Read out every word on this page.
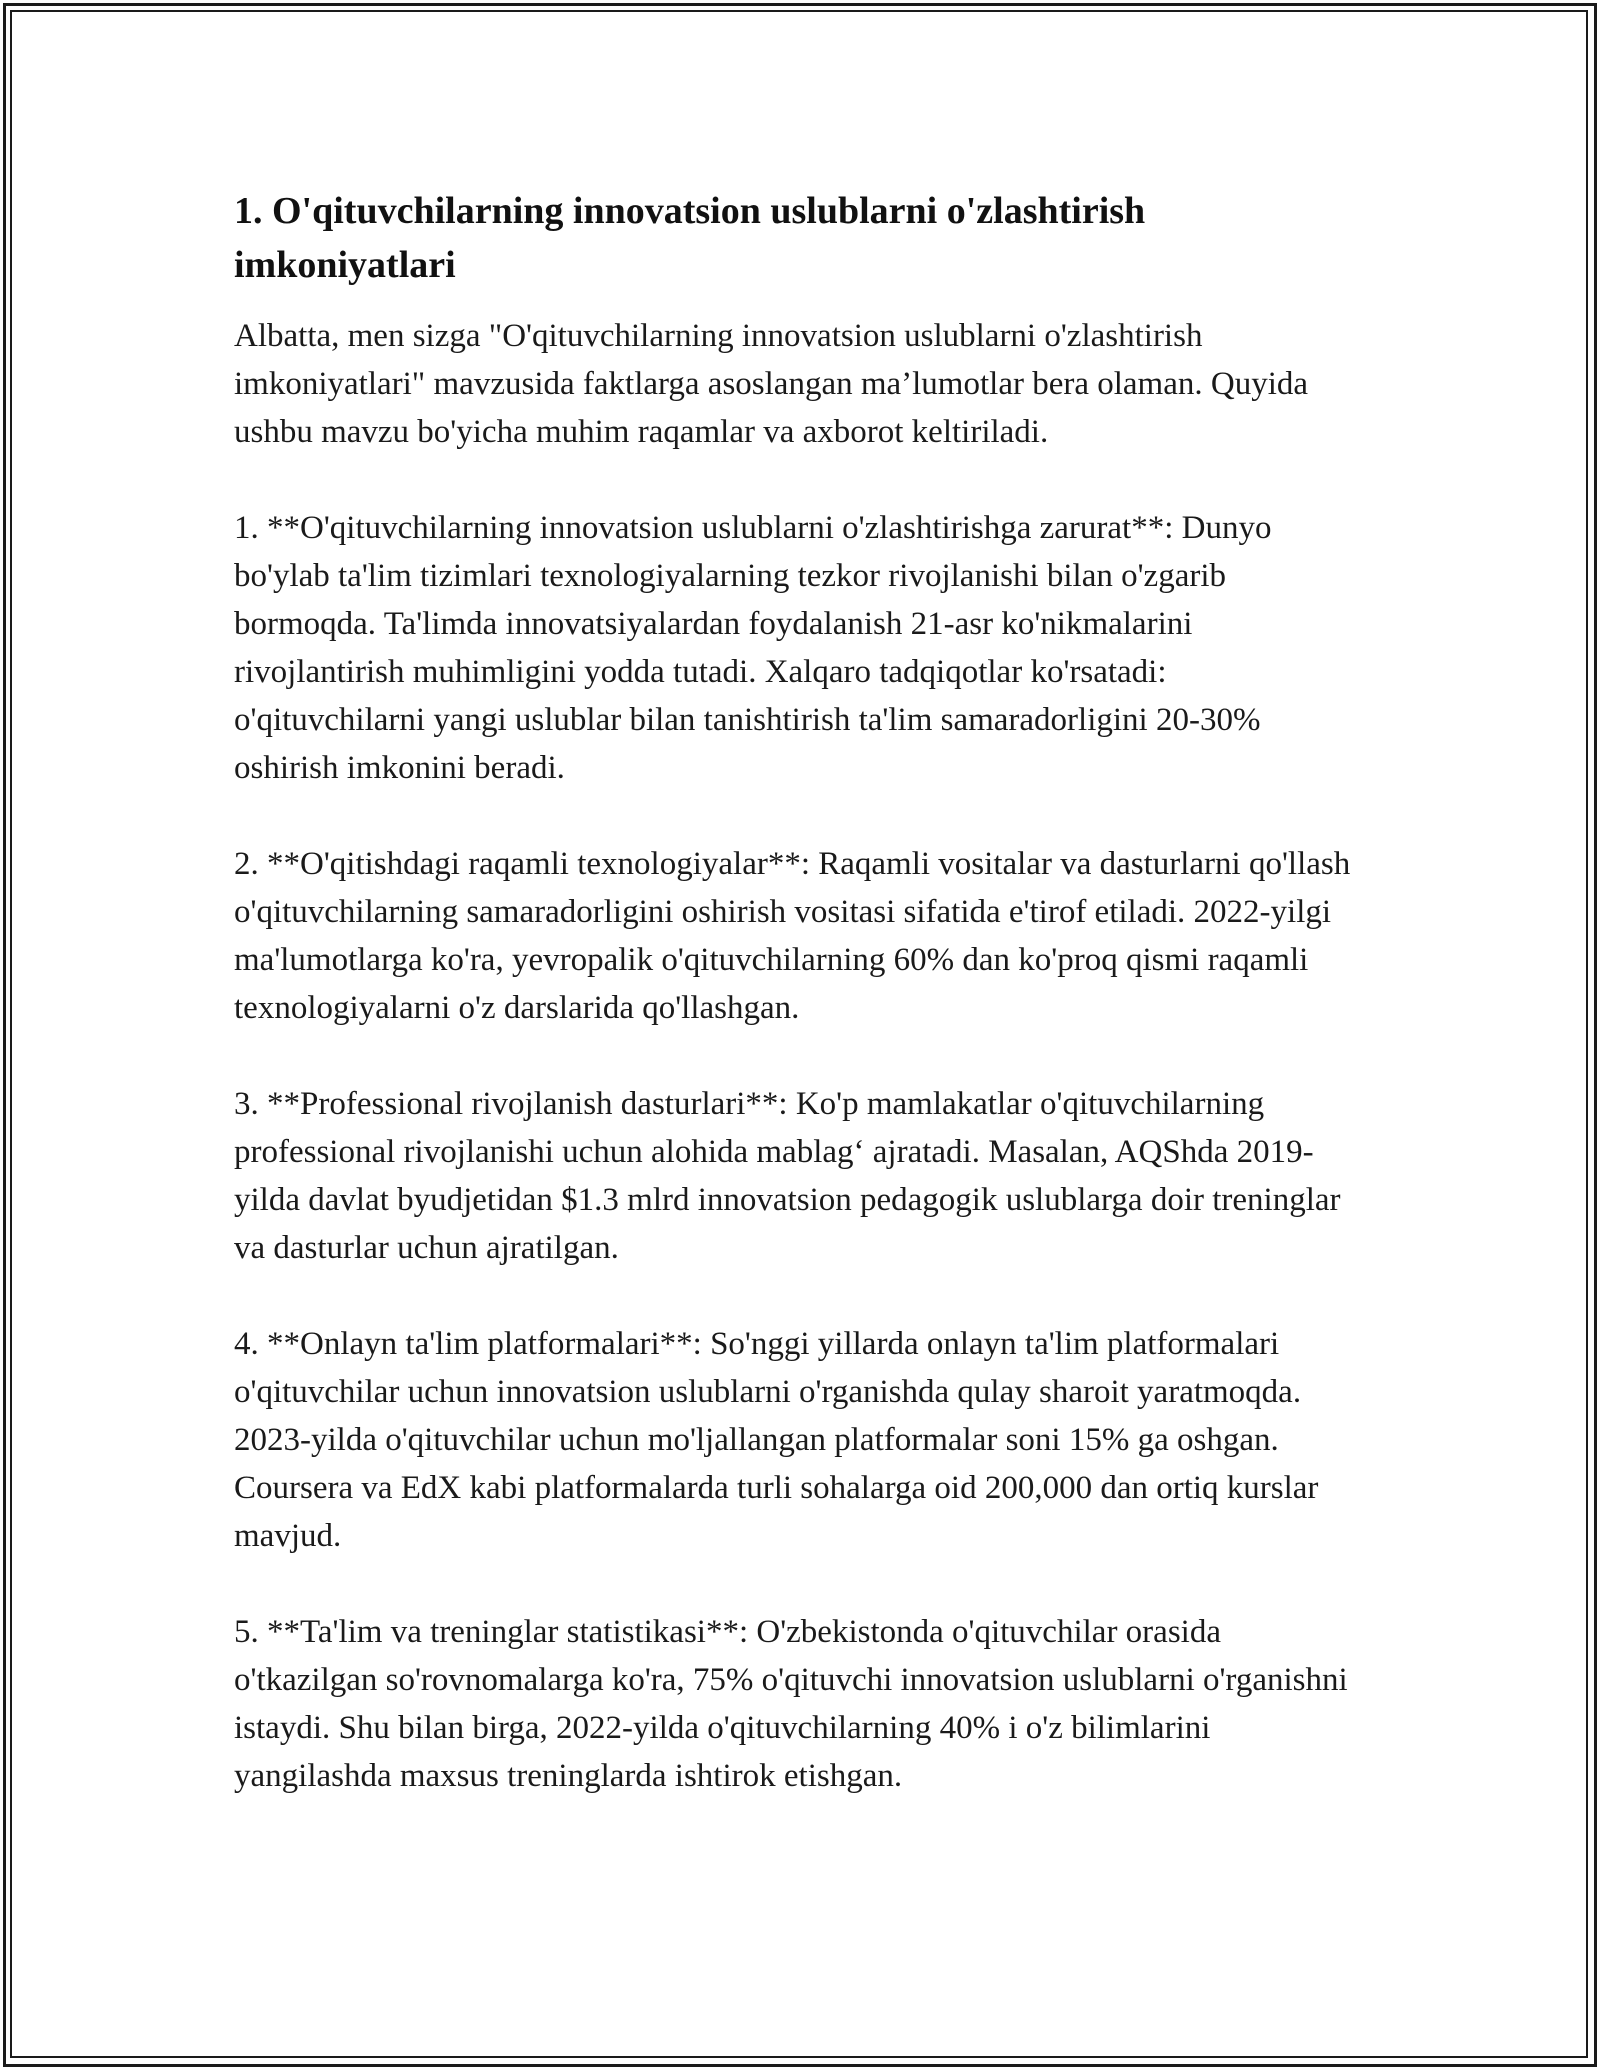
1. O'qituvchilarning innovatsion uslublarni o'zlashtirish imkoniyatlari

Albatta, men sizga "O'qituvchilarning innovatsion uslublarni o'zlashtirish imkoniyatlari" mavzusida faktlarga asoslangan ma’lumotlar bera olaman. Quyida ushbu mavzu bo'yicha muhim raqamlar va axborot keltiriladi.

1. **O'qituvchilarning innovatsion uslublarni o'zlashtirishga zarurat**: Dunyo bo'ylab ta'lim tizimlari texnologiyalarning tezkor rivojlanishi bilan o'zgarib bormoqda. Ta'limda innovatsiyalardan foydalanish 21-asr ko'nikmalarini rivojlantirish muhimligini yodda tutadi. Xalqaro tadqiqotlar ko'rsatadi: o'qituvchilarni yangi uslublar bilan tanishtirish ta'lim samaradorligini 20-30% oshirish imkonini beradi.

2. **O'qitishdagi raqamli texnologiyalar**: Raqamli vositalar va dasturlarni qo'llash o'qituvchilarning samaradorligini oshirish vositasi sifatida e'tirof etiladi. 2022-yilgi ma'lumotlarga ko'ra, yevropalik o'qituvchilarning 60% dan ko'proq qismi raqamli texnologiyalarni o'z darslarida qo'llashgan.

3. **Professional rivojlanish dasturlari**: Ko'p mamlakatlar o'qituvchilarning professional rivojlanishi uchun alohida mablag‘ ajratadi. Masalan, AQShda 2019-yilda davlat byudjetidan $1.3 mlrd innovatsion pedagogik uslublarga doir treninglar va dasturlar uchun ajratilgan.

4. **Onlayn ta'lim platformalari**: So'nggi yillarda onlayn ta'lim platformalari o'qituvchilar uchun innovatsion uslublarni o'rganishda qulay sharoit yaratmoqda. 2023-yilda o'qituvchilar uchun mo'ljallangan platformalar soni 15% ga oshgan. Coursera va EdX kabi platformalarda turli sohalarga oid 200,000 dan ortiq kurslar mavjud.

5. **Ta'lim va treninglar statistikasi**: O'zbekistonda o'qituvchilar orasida o'tkazilgan so'rovnomalarga ko'ra, 75% o'qituvchi innovatsion uslublarni o'rganishni istaydi. Shu bilan birga, 2022-yilda o'qituvchilarning 40% i o'z bilimlarini yangilashda maxsus treninglarda ishtirok etishgan.
